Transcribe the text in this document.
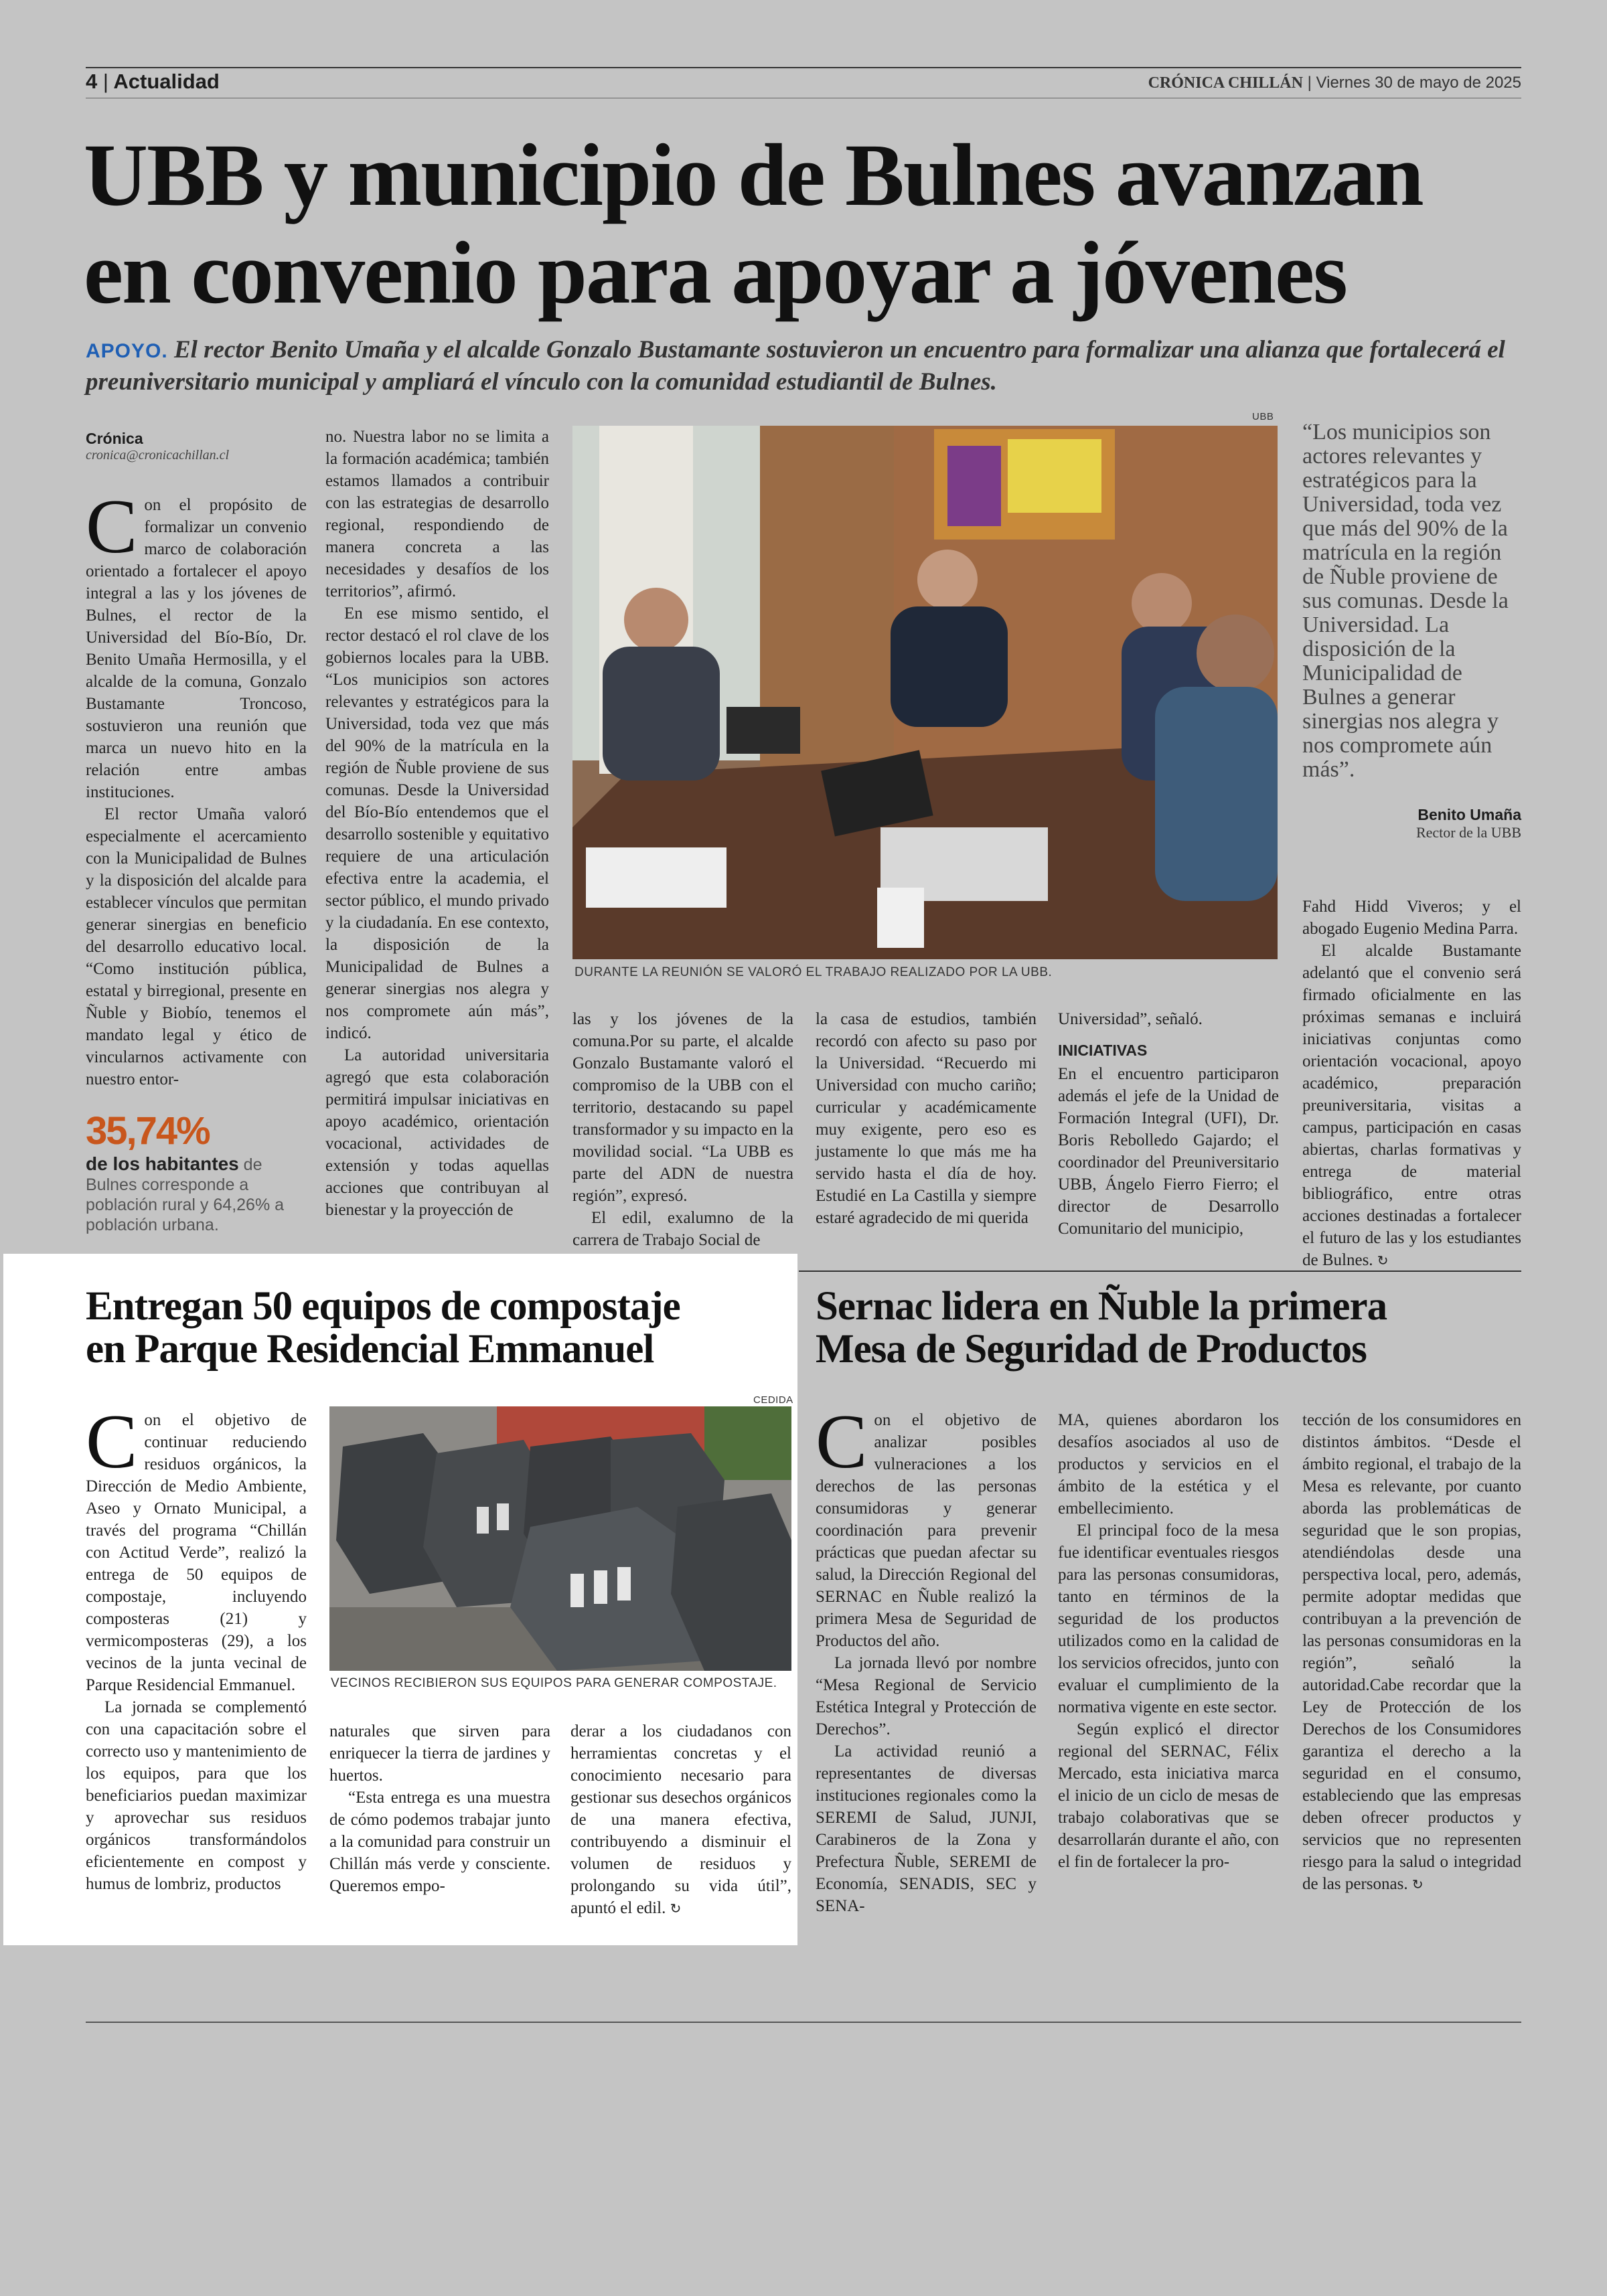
4 | Actualidad	CRÓNICA CHILLÁN | Viernes 30 de mayo de 2025
UBB y municipio de Bulnes avanzan
en convenio para apoyar a jóvenes
APOYO. El rector Benito Umaña y el alcalde Gonzalo Bustamante sostuvieron un encuentro para formalizar una alianza que fortalecerá el preuniversitario municipal y ampliará el vínculo con la comunidad estudiantil de Bulnes.
Crónica
cronica@cronicachillan.cl

Con el propósito de formalizar un convenio marco de colaboración orientado a fortalecer el apoyo integral a las y los jóvenes de Bulnes, el rector de la Universidad del Bío-Bío, Dr. Benito Umaña Hermosilla, y el alcalde de la comuna, Gonzalo Bustamante Troncoso, sostuvieron una reunión que marca un nuevo hito en la relación entre ambas instituciones.

El rector Umaña valoró especialmente el acercamiento con la Municipalidad de Bulnes y la disposición del alcalde para establecer vínculos que permitan generar sinergias en beneficio del desarrollo educativo local. “Como institución pública, estatal y birregional, presente en Ñuble y Biobío, tenemos el mandato legal y ético de vincularnos activamente con nuestro entor-

35,74%
de los habitantes de Bulnes corresponde a población rural y 64,26% a población urbana.

no. Nuestra labor no se limita a la formación académica; también estamos llamados a contribuir con las estrategias de desarrollo regional, respondiendo de manera concreta a las necesidades y desafíos de los territorios”, afirmó.

En ese mismo sentido, el rector destacó el rol clave de los gobiernos locales para la UBB. “Los municipios son actores relevantes y estratégicos para la Universidad, toda vez que más del 90% de la matrícula en la región de Ñuble proviene de sus comunas. Desde la Universidad del Bío-Bío entendemos que el desarrollo sostenible y equitativo requiere de una articulación efectiva entre la academia, el sector público, el mundo privado y la ciudadanía. En ese contexto, la disposición de la Municipalidad de Bulnes a generar sinergias nos alegra y nos compromete aún más”, indicó.

La autoridad universitaria agregó que esta colaboración permitirá impulsar iniciativas en apoyo académico, orientación vocacional, actividades de extensión y todas aquellas acciones que contribuyan al bienestar y la proyección de

UBB
DURANTE LA REUNIÓN SE VALORÓ EL TRABAJO REALIZADO POR LA UBB.

las y los jóvenes de la comuna.Por su parte, el alcalde Gonzalo Bustamante valoró el compromiso de la UBB con el territorio, destacando su papel transformador y su impacto en la movilidad social. “La UBB es parte del ADN de nuestra región”, expresó.

El edil, exalumno de la carrera de Trabajo Social de

la casa de estudios, también recordó con afecto su paso por la Universidad. “Recuerdo mi Universidad con mucho cariño; curricular y académicamente muy exigente, pero eso es justamente lo que más me ha servido hasta el día de hoy. Estudié en La Castilla y siempre estaré agradecido de mi querida

Universidad”, señaló.

INICIATIVAS

En el encuentro participaron además el jefe de la Unidad de Formación Integral (UFI), Dr. Boris Rebolledo Gajardo; el coordinador del Preuniversitario UBB, Ángelo Fierro Fierro; el director de Desarrollo Comunitario del municipio,

“Los municipios son actores relevantes y estratégicos para la Universidad, toda vez que más del 90% de la matrícula en la región de Ñuble proviene de sus comunas. Desde la Universidad. La disposición de la Municipalidad de Bulnes a generar sinergias nos alegra y nos compromete aún más”.
Benito Umaña
Rector de la UBB

Fahd Hidd Viveros; y el abogado Eugenio Medina Parra.

El alcalde Bustamante adelantó que el convenio será firmado oficialmente en las próximas semanas e incluirá iniciativas conjuntas como orientación vocacional, apoyo académico, preparación preuniversitaria, visitas a campus, participación en casas abiertas, charlas formativas y entrega de material bibliográfico, entre otras acciones destinadas a fortalecer el futuro de las y los estudiantes de Bulnes. ↻

Entregan 50 equipos de compostaje
en Parque Residencial Emmanuel

Con el objetivo de continuar reduciendo residuos orgánicos, la Dirección de Medio Ambiente, Aseo y Ornato Municipal, a través del programa “Chillán con Actitud Verde”, realizó la entrega de 50 equipos de compostaje, incluyendo composteras (21) y vermicomposteras (29), a los vecinos de la junta vecinal de Parque Residencial Emmanuel.

La jornada se complementó con una capacitación sobre el correcto uso y mantenimiento de los equipos, para que los beneficiarios puedan maximizar y aprovechar sus residuos orgánicos transformándolos eficientemente en compost y humus de lombriz, productos

CEDIDA
VECINOS RECIBIERON SUS EQUIPOS PARA GENERAR COMPOSTAJE.

naturales que sirven para enriquecer la tierra de jardines y huertos.

“Esta entrega es una muestra de cómo podemos trabajar junto a la comunidad para construir un Chillán más verde y consciente. Queremos empo-

derar a los ciudadanos con herramientas concretas y el conocimiento necesario para gestionar sus desechos orgánicos de una manera efectiva, contribuyendo a disminuir el volumen de residuos y prolongando su vida útil”, apuntó el edil. ↻

Sernac lidera en Ñuble la primera
Mesa de Seguridad de Productos

Con el objetivo de analizar posibles vulneraciones a los derechos de las personas consumidoras y generar coordinación para prevenir prácticas que puedan afectar su salud, la Dirección Regional del SERNAC en Ñuble realizó la primera Mesa de Seguridad de Productos del año.

La jornada llevó por nombre “Mesa Regional de Servicio Estética Integral y Protección de Derechos”.

La actividad reunió a representantes de diversas instituciones regionales como la SEREMI de Salud, JUNJI, Carabineros de la Zona y Prefectura Ñuble, SEREMI de Economía, SENADIS, SEC y SENA-

MA, quienes abordaron los desafíos asociados al uso de productos y servicios en el ámbito de la estética y el embellecimiento.

El principal foco de la mesa fue identificar eventuales riesgos para las personas consumidoras, tanto en términos de la seguridad de los productos utilizados como en la calidad de los servicios ofrecidos, junto con evaluar el cumplimiento de la normativa vigente en este sector.

Según explicó el director regional del SERNAC, Félix Mercado, esta iniciativa marca el inicio de un ciclo de mesas de trabajo colaborativas que se desarrollarán durante el año, con el fin de fortalecer la pro-

tección de los consumidores en distintos ámbitos. “Desde el ámbito regional, el trabajo de la Mesa es relevante, por cuanto aborda las problemáticas de seguridad que le son propias, atendiéndolas desde una perspectiva local, pero, además, permite adoptar medidas que contribuyan a la prevención de las personas consumidoras en la región”, señaló la autoridad.Cabe recordar que la Ley de Protección de los Derechos de los Consumidores garantiza el derecho a la seguridad en el consumo, estableciendo que las empresas deben ofrecer productos y servicios que no representen riesgo para la salud o integridad de las personas. ↻
